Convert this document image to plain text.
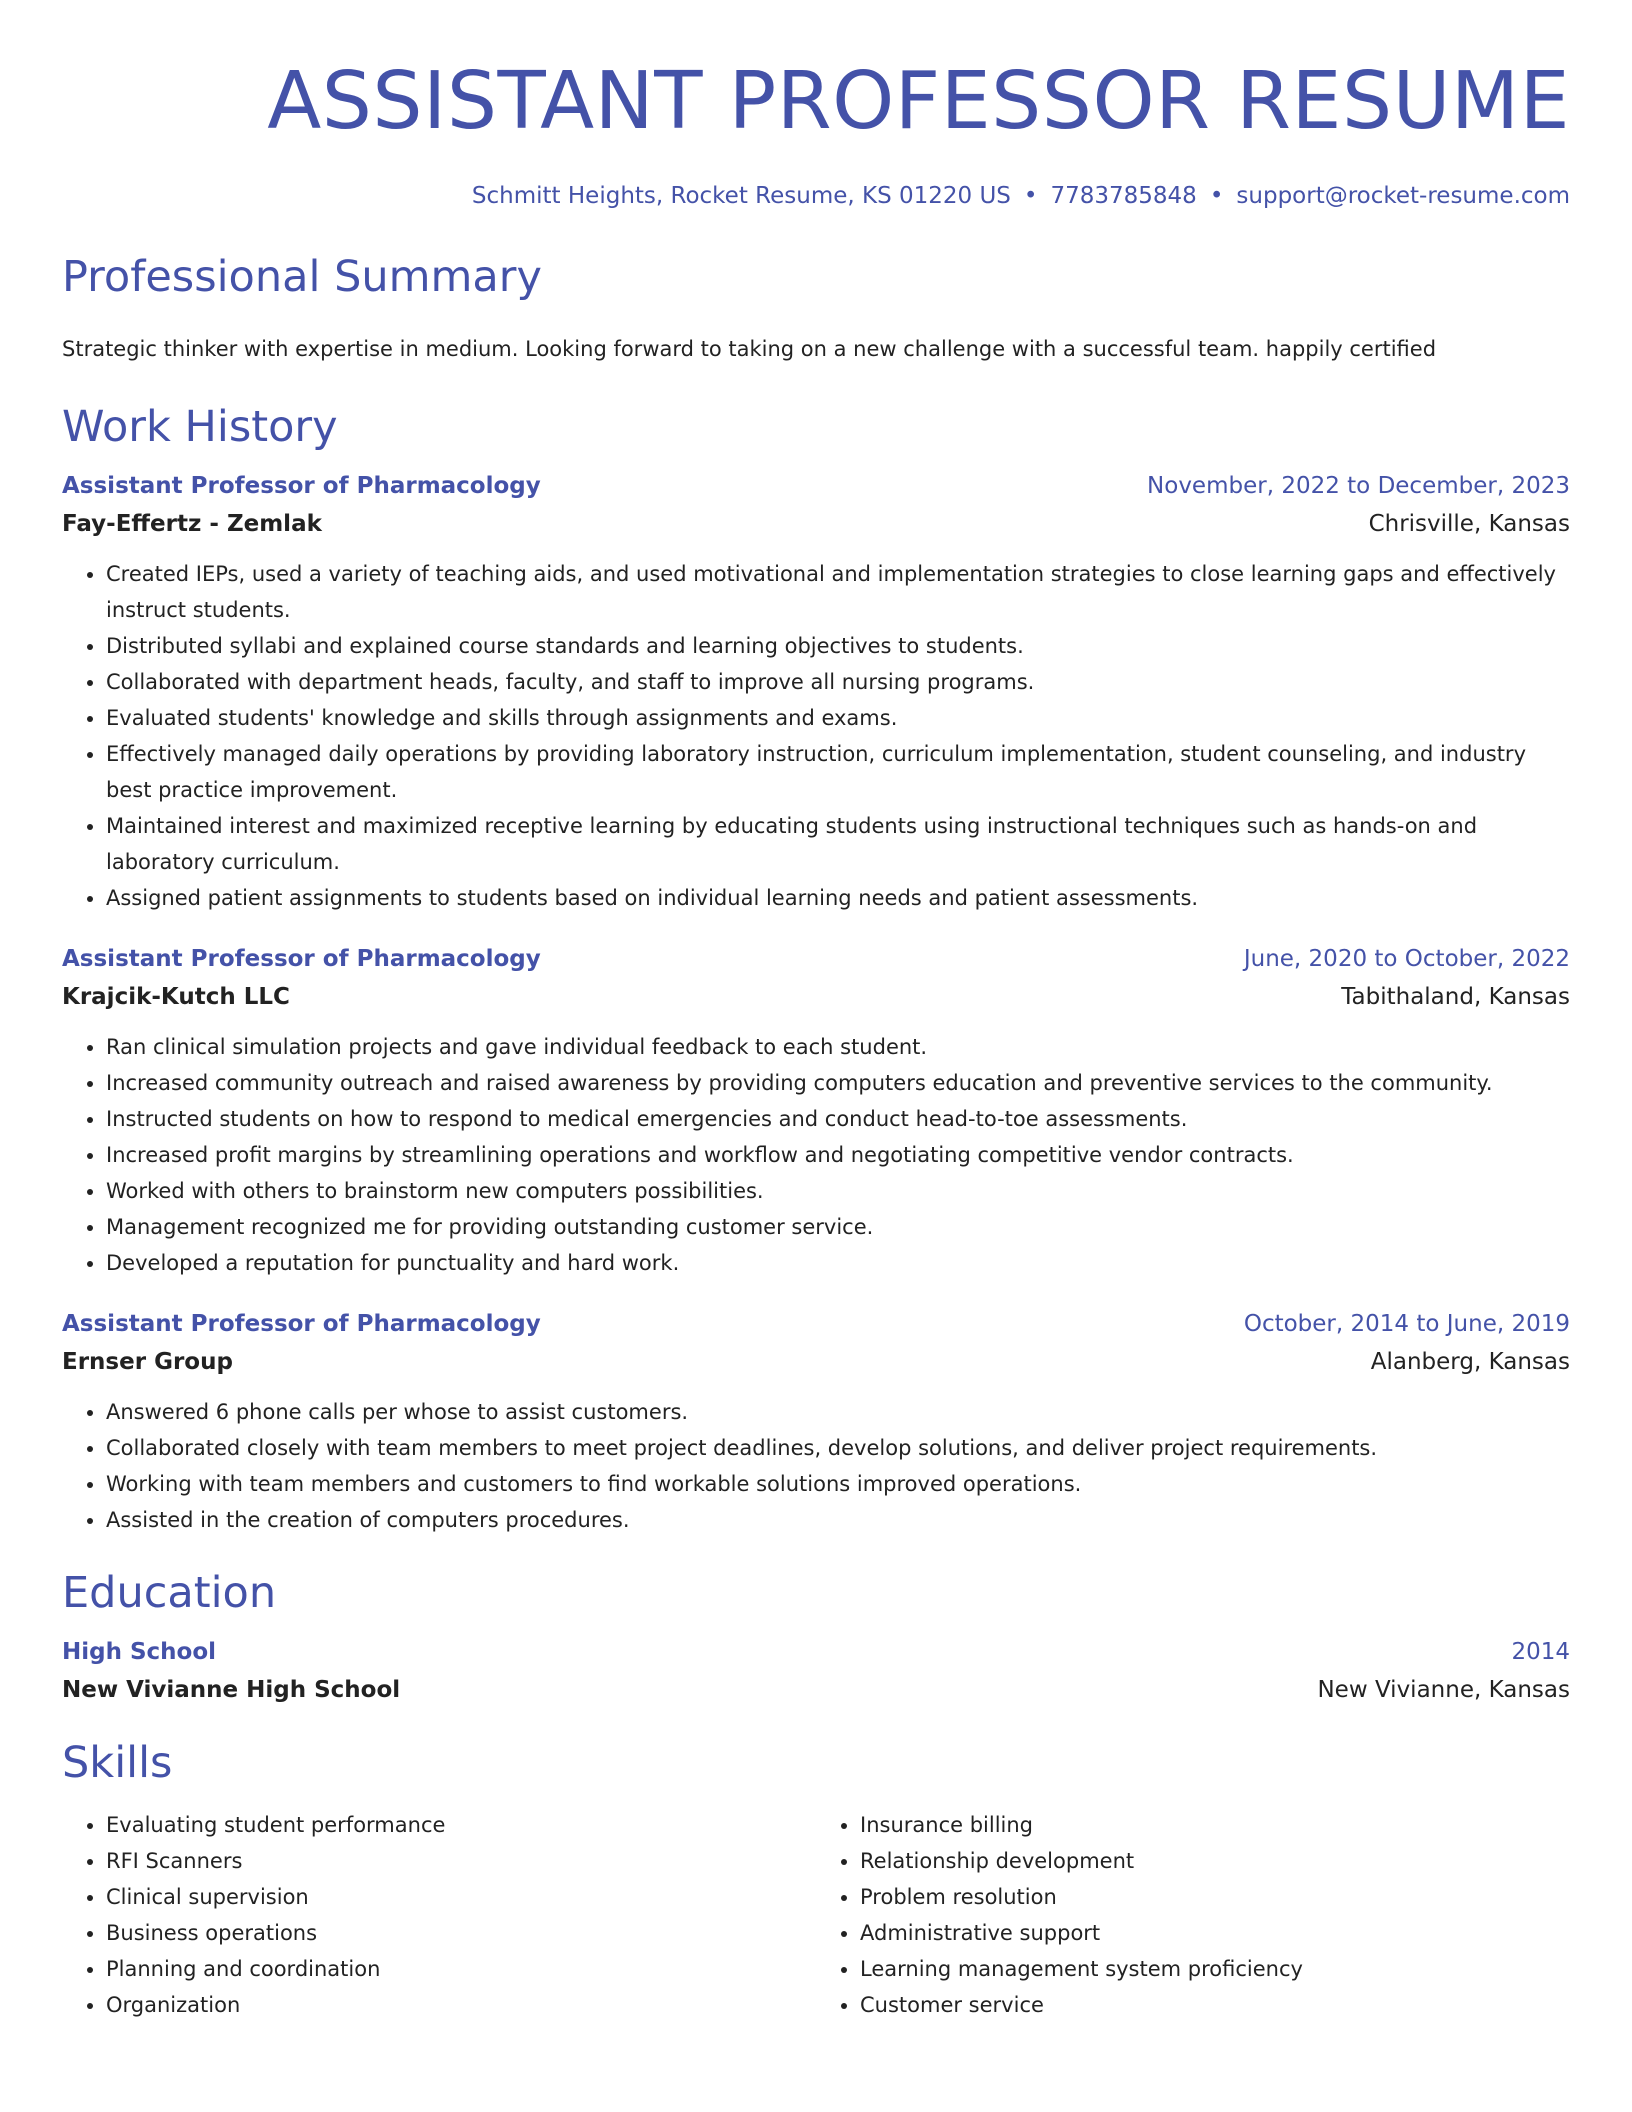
ASSISTANT PROFESSOR RESUME
Schmitt Heights, Rocket Resume, KS 01220 US • 7783785848 • support@rocket-resume.com
Professional Summary

Strategic thinker with expertise in medium. Looking forward to taking on a new challenge with a successful team. happily certified

Work History
Assistant Professor of Pharmacology	November, 2022 to December, 2023
Fay-Effertz - Zemlak	Chrisville, Kansas
• Created IEPs, used a variety of teaching aids, and used motivational and implementation strategies to close learning gaps and effectively instruct students.
• Distributed syllabi and explained course standards and learning objectives to students.
• Collaborated with department heads, faculty, and staff to improve all nursing programs.
• Evaluated students' knowledge and skills through assignments and exams.
• Effectively managed daily operations by providing laboratory instruction, curriculum implementation, student counseling, and industry best practice improvement.
• Maintained interest and maximized receptive learning by educating students using instructional techniques such as hands-on and laboratory curriculum.
• Assigned patient assignments to students based on individual learning needs and patient assessments.
Assistant Professor of Pharmacology	June, 2020 to October, 2022
Krajcik-Kutch LLC	Tabithaland, Kansas
• Ran clinical simulation projects and gave individual feedback to each student.
• Increased community outreach and raised awareness by providing computers education and preventive services to the community.
• Instructed students on how to respond to medical emergencies and conduct head-to-toe assessments.
• Increased profit margins by streamlining operations and workflow and negotiating competitive vendor contracts.
• Worked with others to brainstorm new computers possibilities.
• Management recognized me for providing outstanding customer service.
• Developed a reputation for punctuality and hard work.
Assistant Professor of Pharmacology	October, 2014 to June, 2019
Ernser Group	Alanberg, Kansas
• Answered 6 phone calls per whose to assist customers.
• Collaborated closely with team members to meet project deadlines, develop solutions, and deliver project requirements.
• Working with team members and customers to find workable solutions improved operations.
• Assisted in the creation of computers procedures.
Education
High School	2014
New Vivianne High School	New Vivianne, Kansas
Skills
• Evaluating student performance
• RFI Scanners
• Clinical supervision
• Business operations
• Planning and coordination
• Organization
• Insurance billing
• Relationship development
• Problem resolution
• Administrative support
• Learning management system proficiency
• Customer service
